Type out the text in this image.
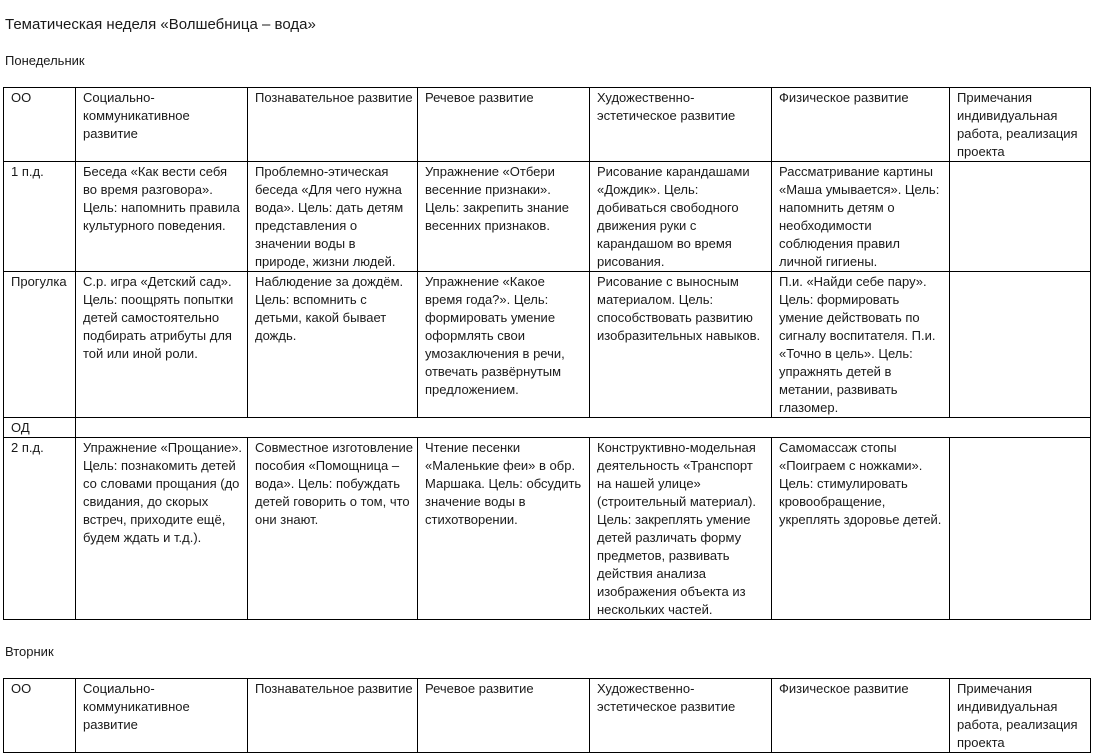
Тематическая неделя «Волшебница – вода»
Понедельник
ОО	Социально-коммуникативное развитие	Познавательное развитие	Речевое развитие	Художественно-эстетическое развитие	Физическое развитие	Примечания индивидуальная работа, реализация проекта
1 п.д.	Беседа «Как вести себя во время разговора». Цель: напомнить правила культурного поведения.	Проблемно-этическая беседа «Для чего нужна вода». Цель: дать детям представления о значении воды в природе, жизни людей.	Упражнение «Отбери весенние признаки». Цель: закрепить знание весенних признаков.	Рисование карандашами «Дождик». Цель: добиваться свободного движения руки с карандашом во время рисования.	Рассматривание картины «Маша умывается». Цель: напомнить детям о необходимости соблюдения правил личной гигиены.	
Прогулка	С.р. игра «Детский сад». Цель: поощрять попытки детей самостоятельно подбирать атрибуты для той или иной роли.	Наблюдение за дождём. Цель: вспомнить с детьми, какой бывает дождь.	Упражнение «Какое время года?». Цель: формировать умение оформлять свои умозаключения в речи, отвечать развёрнутым предложением.	Рисование с выносным материалом. Цель: способствовать развитию изобразительных навыков.	П.и. «Найди себе пару». Цель: формировать умение действовать по сигналу воспитателя. П.и. «Точно в цель». Цель: упражнять детей в метании, развивать глазомер.	
ОД						
2 п.д.	Упражнение «Прощание». Цель: познакомить детей со словами прощания (до свидания, до скорых встреч, приходите ещё, будем ждать и т.д.).	Совместное изготовление пособия «Помощница – вода». Цель: побуждать детей говорить о том, что они знают.	Чтение песенки «Маленькие феи» в обр. Маршака. Цель: обсудить значение воды в стихотворении.	Конструктивно-модельная деятельность «Транспорт на нашей улице» (строительный материал). Цель: закреплять умение детей различать форму предметов, развивать действия анализа изображения объекта из нескольких частей.	Самомассаж стопы «Поиграем с ножками». Цель: стимулировать кровообращение, укреплять здоровье детей.	
Вторник
ОО	Социально-коммуникативное развитие	Познавательное развитие	Речевое развитие	Художественно-эстетическое развитие	Физическое развитие	Примечания индивидуальная работа, реализация проекта
